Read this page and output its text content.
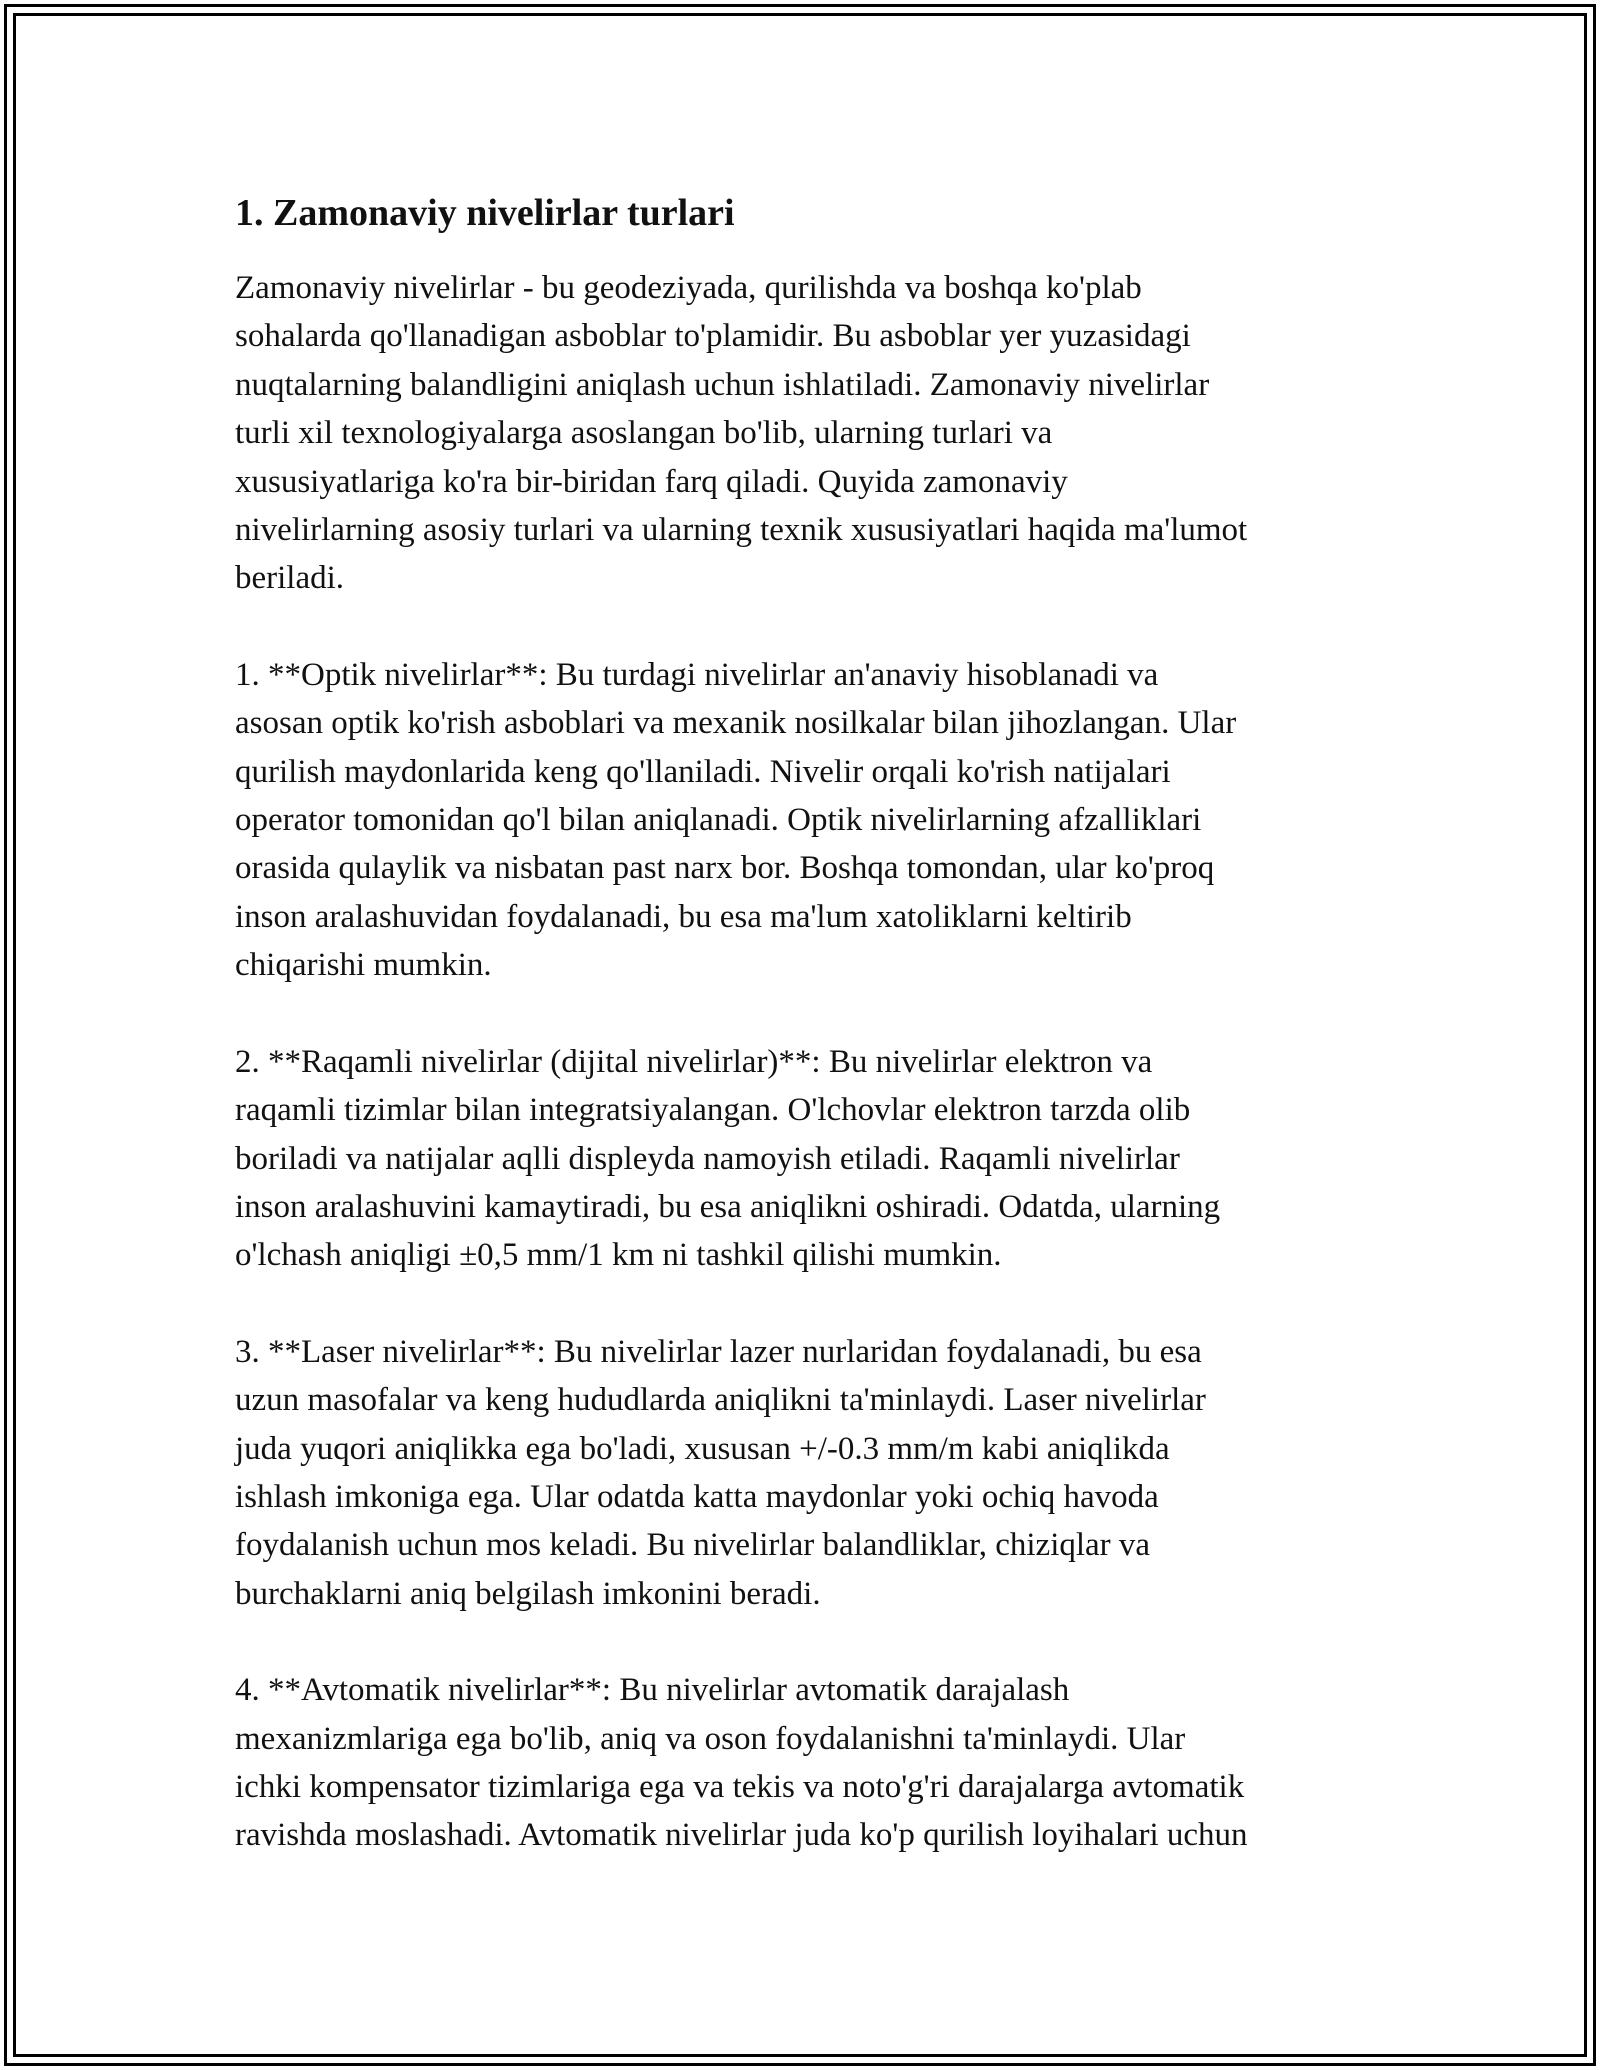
1. Zamonaviy nivelirlar turlari

Zamonaviy nivelirlar - bu geodeziyada, qurilishda va boshqa ko'plab
sohalarda qo'llanadigan asboblar to'plamidir. Bu asboblar yer yuzasidagi
nuqtalarning balandligini aniqlash uchun ishlatiladi. Zamonaviy nivelirlar
turli xil texnologiyalarga asoslangan bo'lib, ularning turlari va
xususiyatlariga ko'ra bir-biridan farq qiladi. Quyida zamonaviy
nivelirlarning asosiy turlari va ularning texnik xususiyatlari haqida ma'lumot
beriladi.

1. **Optik nivelirlar**: Bu turdagi nivelirlar an'anaviy hisoblanadi va
asosan optik ko'rish asboblari va mexanik nosilkalar bilan jihozlangan. Ular
qurilish maydonlarida keng qo'llaniladi. Nivelir orqali ko'rish natijalari
operator tomonidan qo'l bilan aniqlanadi. Optik nivelirlarning afzalliklari
orasida qulaylik va nisbatan past narx bor. Boshqa tomondan, ular ko'proq
inson aralashuvidan foydalanadi, bu esa ma'lum xatoliklarni keltirib
chiqarishi mumkin.

2. **Raqamli nivelirlar (dijital nivelirlar)**: Bu nivelirlar elektron va
raqamli tizimlar bilan integratsiyalangan. O'lchovlar elektron tarzda olib
boriladi va natijalar aqlli displeyda namoyish etiladi. Raqamli nivelirlar
inson aralashuvini kamaytiradi, bu esa aniqlikni oshiradi. Odatda, ularning
o'lchash aniqligi ±0,5 mm/1 km ni tashkil qilishi mumkin.

3. **Laser nivelirlar**: Bu nivelirlar lazer nurlaridan foydalanadi, bu esa
uzun masofalar va keng hududlarda aniqlikni ta'minlaydi. Laser nivelirlar
juda yuqori aniqlikka ega bo'ladi, xususan +/-0.3 mm/m kabi aniqlikda
ishlash imkoniga ega. Ular odatda katta maydonlar yoki ochiq havoda
foydalanish uchun mos keladi. Bu nivelirlar balandliklar, chiziqlar va
burchaklarni aniq belgilash imkonini beradi.

4. **Avtomatik nivelirlar**: Bu nivelirlar avtomatik darajalash
mexanizmlariga ega bo'lib, aniq va oson foydalanishni ta'minlaydi. Ular
ichki kompensator tizimlariga ega va tekis va noto'g'ri darajalarga avtomatik
ravishda moslashadi. Avtomatik nivelirlar juda ko'p qurilish loyihalari uchun
